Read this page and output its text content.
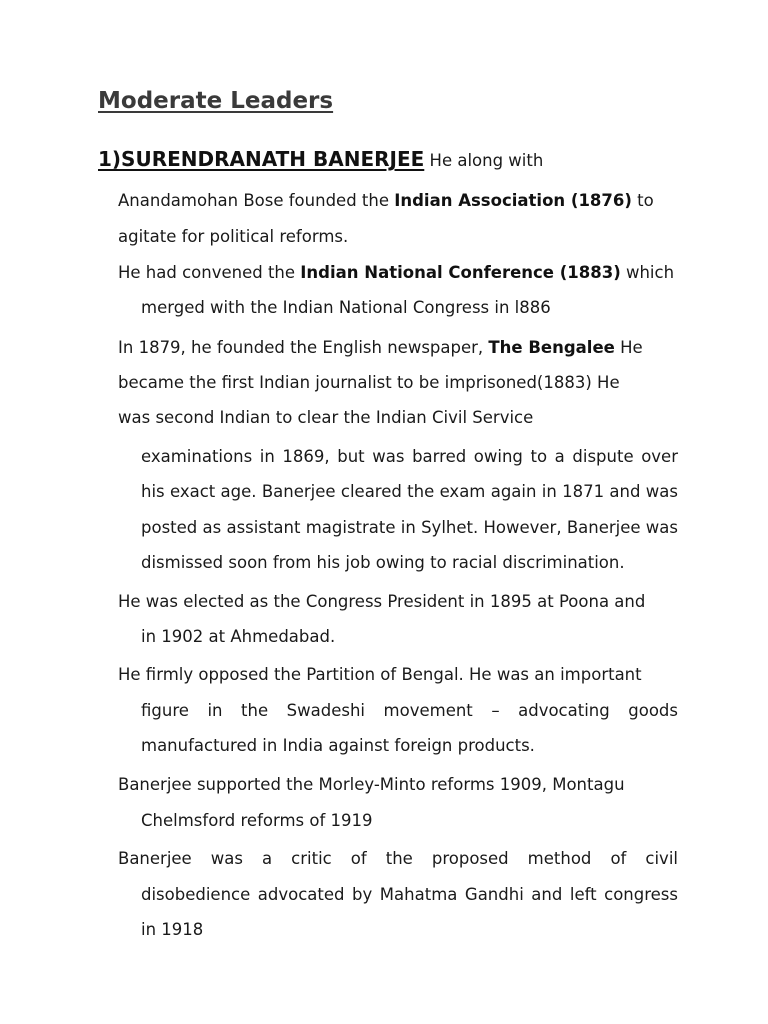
Moderate Leaders

1)SURENDRANATH BANERJEE He along with

Anandamohan Bose founded the Indian Association (1876) to

agitate for political reforms.

He had convened the Indian National Conference (1883) which

merged with the Indian National Congress in l886

In 1879, he founded the English newspaper, The Bengalee He

became the first Indian journalist to be imprisoned(1883) He

was second Indian to clear the Indian Civil Service

examinations in 1869, but was barred owing to a dispute over

his exact age. Banerjee cleared the exam again in 1871 and was

posted as assistant magistrate in Sylhet. However, Banerjee was

dismissed soon from his job owing to racial discrimination.

He was elected as the Congress President in 1895 at Poona and

in 1902 at Ahmedabad.

He firmly opposed the Partition of Bengal. He was an important

figure in the Swadeshi movement – advocating goods

manufactured in India against foreign products.

Banerjee supported the Morley-Minto reforms 1909, Montagu

Chelmsford reforms of 1919

Banerjee was a critic of the proposed method of civil

disobedience advocated by Mahatma Gandhi and left congress

in 1918
